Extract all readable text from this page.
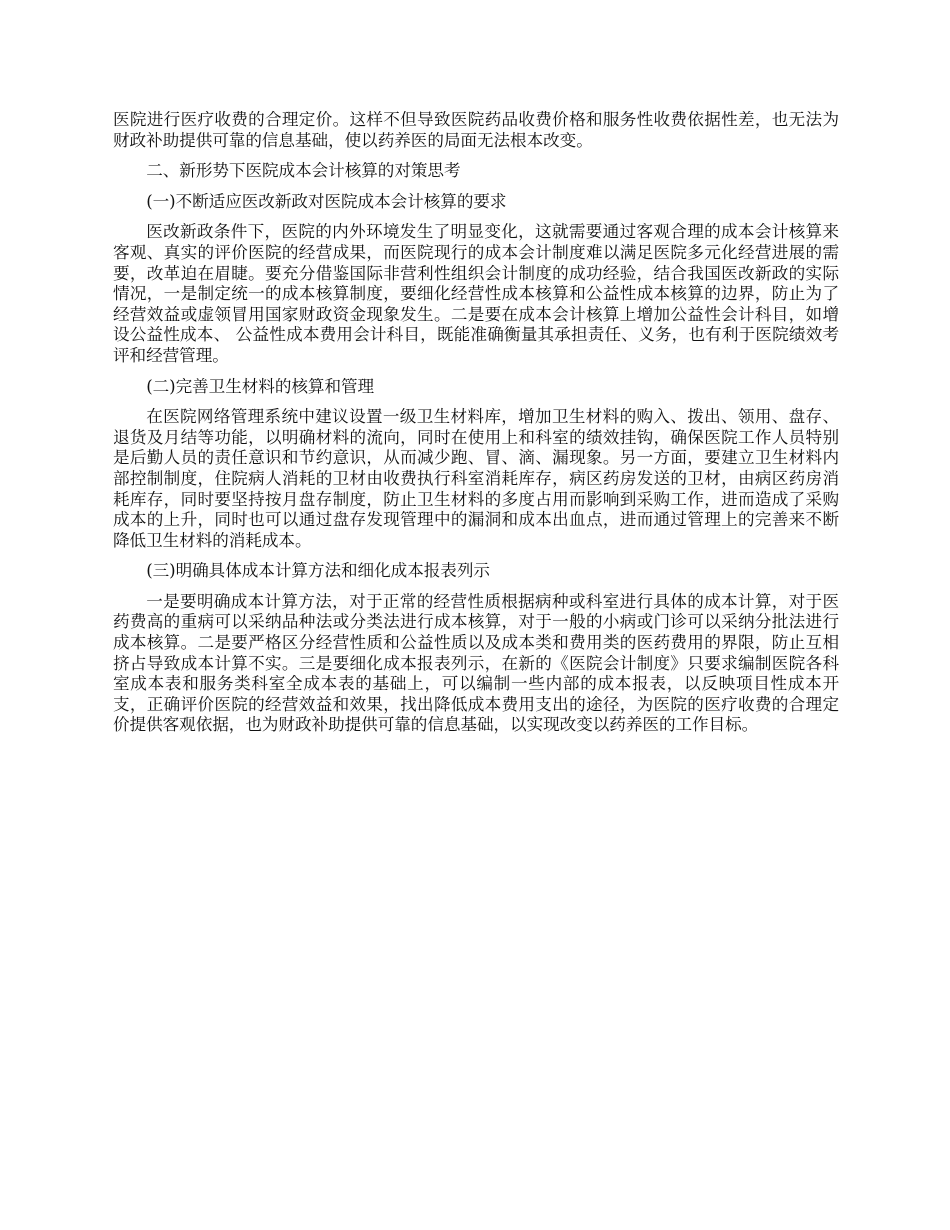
医院进行医疗收费的合理定价。这样不但导致医院药品收费价格和服务性收费依据性差，也无法为财政补助提供可靠的信息基础，使以药养医的局面无法根本改变。

二、新形势下医院成本会计核算的对策思考

(一)不断适应医改新政对医院成本会计核算的要求

医改新政条件下，医院的内外环境发生了明显变化，这就需要通过客观合理的成本会计核算来客观、真实的评价医院的经营成果，而医院现行的成本会计制度难以满足医院多元化经营进展的需要，改革迫在眉睫。要充分借鉴国际非营利性组织会计制度的成功经验，结合我国医改新政的实际情况，一是制定统一的成本核算制度，要细化经营性成本核算和公益性成本核算的边界，防止为了经营效益或虚领冒用国家财政资金现象发生。二是要在成本会计核算上增加公益性会计科目，如增设公益性成本、 公益性成本费用会计科目，既能准确衡量其承担责任、义务，也有利于医院绩效考评和经营管理。

(二)完善卫生材料的核算和管理

在医院网络管理系统中建议设置一级卫生材料库，增加卫生材料的购入、拨出、领用、盘存、退货及月结等功能，以明确材料的流向，同时在使用上和科室的绩效挂钩，确保医院工作人员特别是后勤人员的责任意识和节约意识，从而减少跑、冒、滴、漏现象。另一方面，要建立卫生材料内部控制制度，住院病人消耗的卫材由收费执行科室消耗库存，病区药房发送的卫材，由病区药房消耗库存，同时要坚持按月盘存制度，防止卫生材料的多度占用而影响到采购工作，进而造成了采购成本的上升，同时也可以通过盘存发现管理中的漏洞和成本出血点，进而通过管理上的完善来不断降低卫生材料的消耗成本。

(三)明确具体成本计算方法和细化成本报表列示

一是要明确成本计算方法，对于正常的经营性质根据病种或科室进行具体的成本计算，对于医药费高的重病可以采纳品种法或分类法进行成本核算，对于一般的小病或门诊可以采纳分批法进行成本核算。二是要严格区分经营性质和公益性质以及成本类和费用类的医药费用的界限，防止互相挤占导致成本计算不实。三是要细化成本报表列示，在新的《医院会计制度》只要求编制医院各科室成本表和服务类科室全成本表的基础上，可以编制一些内部的成本报表，以反映项目性成本开支，正确评价医院的经营效益和效果，找出降低成本费用支出的途径，为医院的医疗收费的合理定价提供客观依据，也为财政补助提供可靠的信息基础，以实现改变以药养医的工作目标。
